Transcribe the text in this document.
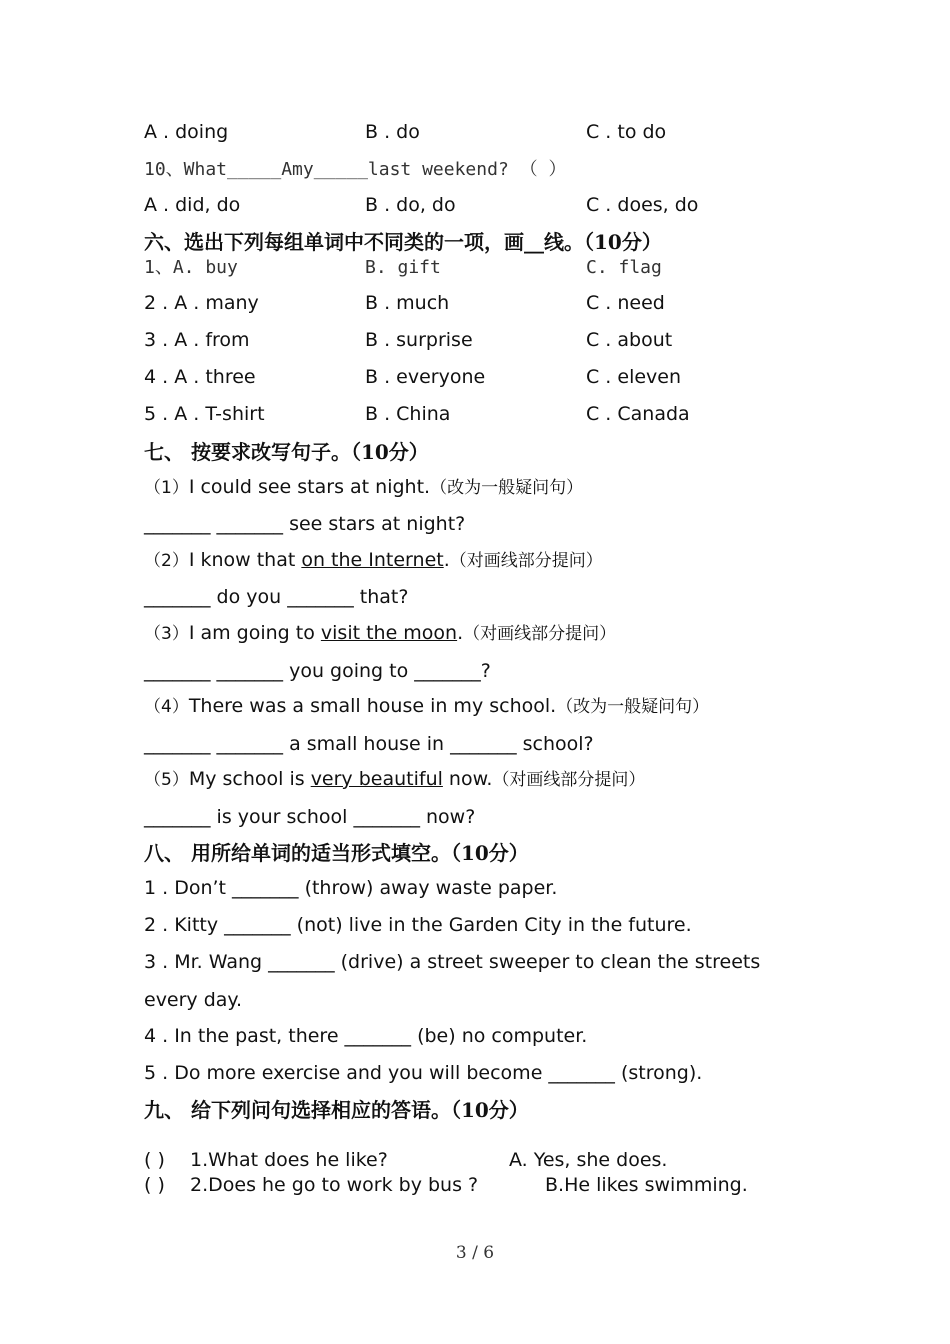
A . doing	B . do	C . to do
10、What_____Amy_____last weekend? （ ）
A . did, do	B . do, do	C . does, do
六、选出下列每组单词中不同类的一项，画__线。（10分）
1、A. buy	B. gift	C. flag
2 . A . many	B . much	C . need
3 . A . from	B . surprise	C . about
4 . A . three	B . everyone	C . eleven
5 . A . T-shirt	B . China	C . Canada
七、 按要求改写句子。（10分）
（1）I could see stars at night.（改为一般疑问句）
_______ _______ see stars at night?
（2）I know that on the Internet.（对画线部分提问）
_______ do you _______ that?
（3）I am going to visit the moon.（对画线部分提问）
_______ _______ you going to _______?
（4）There was a small house in my school.（改为一般疑问句）
_______ _______ a small house in _______ school?
（5）My school is very beautiful now.（对画线部分提问）
_______ is your school _______ now?
八、 用所给单词的适当形式填空。（10分）
1 . Don’t _______ (throw) away waste paper.
2 . Kitty _______ (not) live in the Garden City in the future.
3 . Mr. Wang _______ (drive) a street sweeper to clean the streets
every day.
4 . In the past, there _______ (be) no computer.
5 . Do more exercise and you will become _______ (strong).
九、 给下列问句选择相应的答语。（10分）
( ) 1.What does he like?	A. Yes, she does.
( ) 2.Does he go to work by bus ?	B.He likes swimming.
3 / 6
